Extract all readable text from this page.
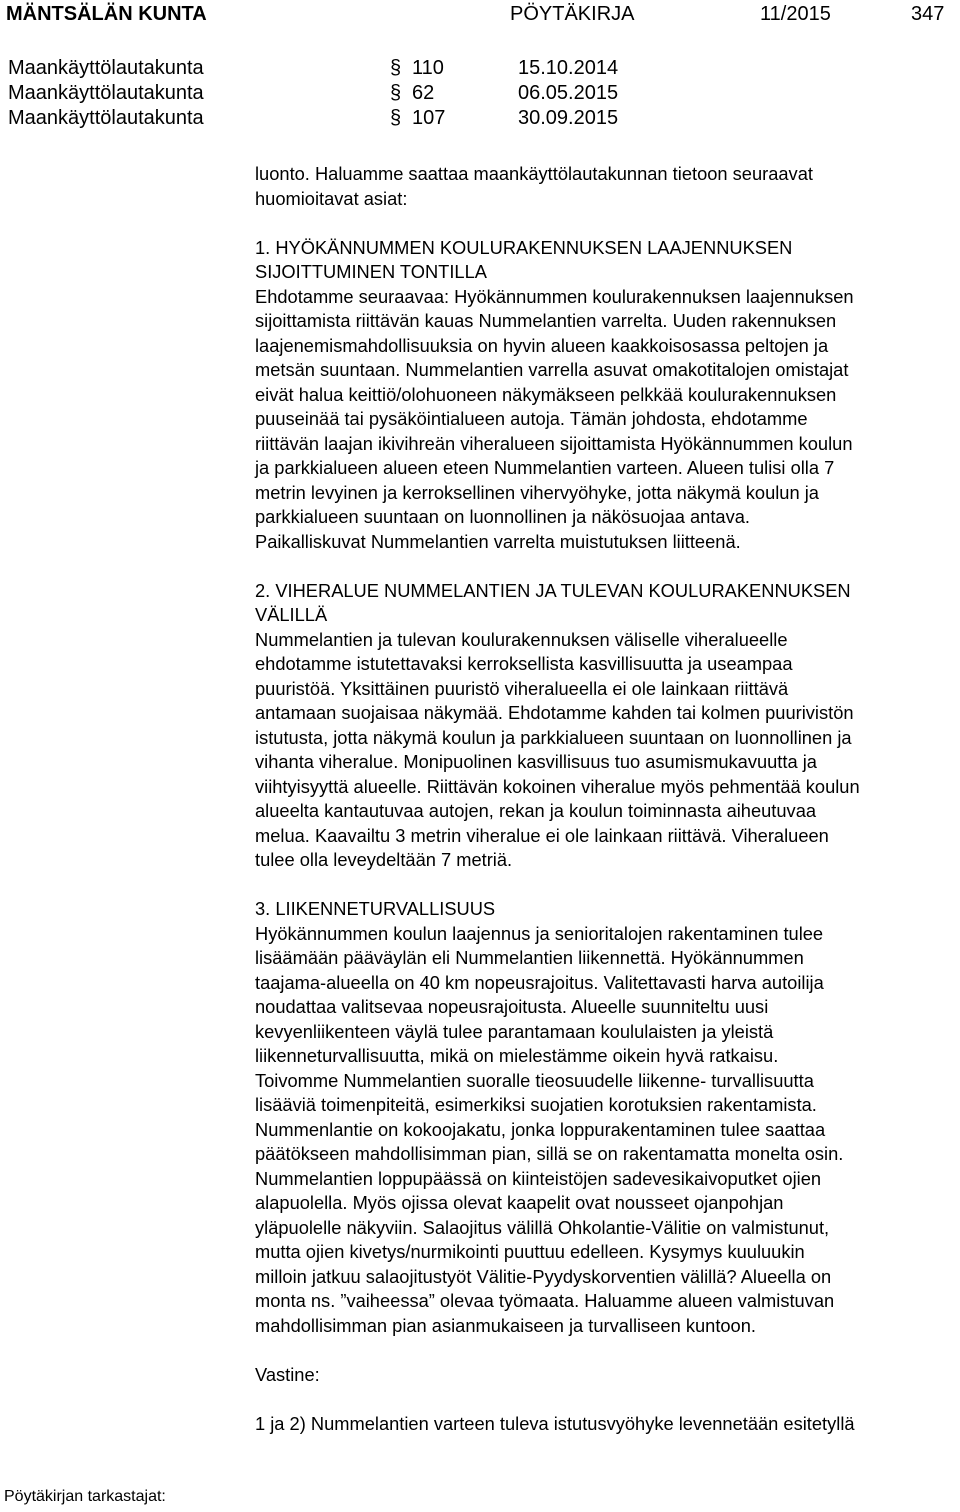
MÄNTSÄLÄN KUNTA	PÖYTÄKIRJA	11/2015	347
Maankäyttölautakunta	§ 110	15.10.2014
Maankäyttölautakunta	§ 62	06.05.2015
Maankäyttölautakunta	§ 107	30.09.2015

luonto. Haluamme saattaa maankäyttölautakunnan tietoon seuraavat

huomioitavat asiat:

1. HYÖKÄNNUMMEN KOULURAKENNUKSEN LAAJENNUKSEN

SIJOITTUMINEN TONTILLA

Ehdotamme seuraavaa: Hyökännummen koulurakennuksen laajennuksen

sijoittamista riittävän kauas Nummelantien varrelta. Uuden rakennuksen

laajenemismahdollisuuksia on hyvin alueen kaakkoisosassa peltojen ja

metsän suuntaan. Nummelantien varrella asuvat omakotitalojen omistajat

eivät halua keittiö/olohuoneen näkymäkseen pelkkää koulurakennuksen

puuseinää tai pysäköintialueen autoja. Tämän johdosta, ehdotamme

riittävän laajan ikivihreän viheralueen sijoittamista Hyökännummen koulun

ja parkkialueen alueen eteen Nummelantien varteen. Alueen tulisi olla 7

metrin levyinen ja kerroksellinen vihervyöhyke, jotta näkymä koulun ja

parkkialueen suuntaan on luonnollinen ja näkösuojaa antava.

Paikalliskuvat Nummelantien varrelta muistutuksen liitteenä.

2. VIHERALUE NUMMELANTIEN JA TULEVAN KOULURAKENNUKSEN

VÄLILLÄ

Nummelantien ja tulevan koulurakennuksen väliselle viheralueelle

ehdotamme istutettavaksi kerroksellista kasvillisuutta ja useampaa

puuristöä. Yksittäinen puuristö viheralueella ei ole lainkaan riittävä

antamaan suojaisaa näkymää. Ehdotamme kahden tai kolmen puurivistön

istutusta, jotta näkymä koulun ja parkkialueen suuntaan on luonnollinen ja

vihanta viheralue. Monipuolinen kasvillisuus tuo asumismukavuutta ja

viihtyisyyttä alueelle. Riittävän kokoinen viheralue myös pehmentää koulun

alueelta kantautuvaa autojen, rekan ja koulun toiminnasta aiheutuvaa

melua. Kaavailtu 3 metrin viheralue ei ole lainkaan riittävä. Viheralueen

tulee olla leveydeltään 7 metriä.

3. LIIKENNETURVALLISUUS

Hyökännummen koulun laajennus ja senioritalojen rakentaminen tulee

lisäämään pääväylän eli Nummelantien liikennettä. Hyökännummen

taajama-alueella on 40 km nopeusrajoitus. Valitettavasti harva autoilija

noudattaa valitsevaa nopeusrajoitusta. Alueelle suunniteltu uusi

kevyenliikenteen väylä tulee parantamaan koululaisten ja yleistä

liikenneturvallisuutta, mikä on mielestämme oikein hyvä ratkaisu.

Toivomme Nummelantien suoralle tieosuudelle liikenne- turvallisuutta

lisääviä toimenpiteitä, esimerkiksi suojatien korotuksien rakentamista.

Nummenlantie on kokoojakatu, jonka loppurakentaminen tulee saattaa

päätökseen mahdollisimman pian, sillä se on rakentamatta monelta osin.

Nummelantien loppupäässä on kiinteistöjen sadevesikaivoputket ojien

alapuolella. Myös ojissa olevat kaapelit ovat nousseet ojanpohjan

yläpuolelle näkyviin. Salaojitus välillä Ohkolantie-Välitie on valmistunut,

mutta ojien kivetys/nurmikointi puuttuu edelleen. Kysymys kuuluukin

milloin jatkuu salaojitustyöt Välitie-Pyydyskorventien välillä? Alueella on

monta ns. ”vaiheessa” olevaa työmaata. Haluamme alueen valmistuvan

mahdollisimman pian asianmukaiseen ja turvalliseen kuntoon.

Vastine:

1 ja 2) Nummelantien varteen tuleva istutusvyöhyke levennetään esitetyllä

Pöytäkirjan tarkastajat:
